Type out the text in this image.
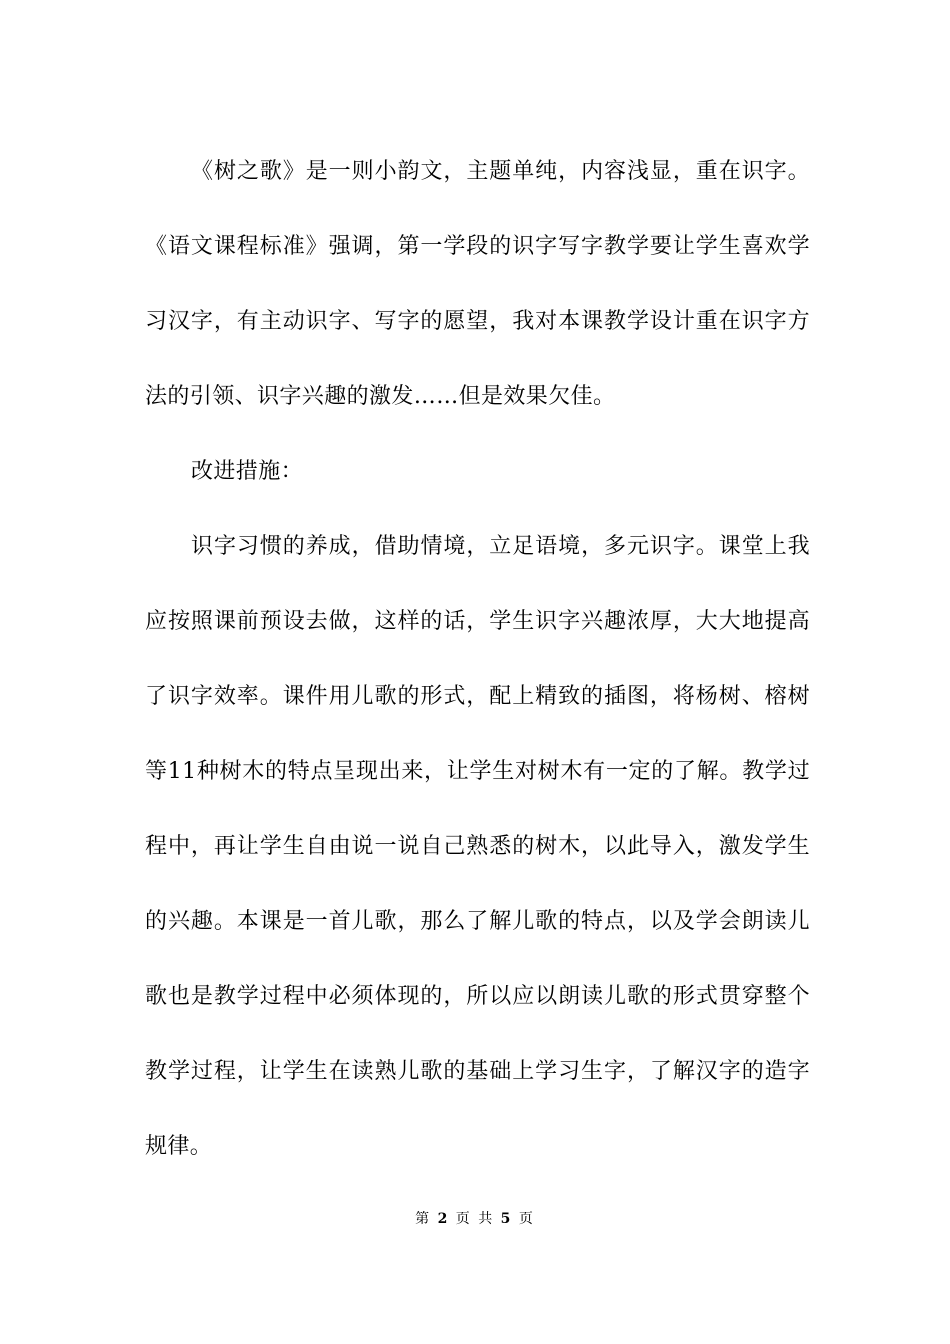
《树之歌》是一则小韵文，主题单纯，内容浅显，重在识字。《语文课程标准》强调，第一学段的识字写字教学要让学生喜欢学习汉字，有主动识字、写字的愿望，我对本课教学设计重在识字方法的引领、识字兴趣的激发……但是效果欠佳。

改进措施：

识字习惯的养成，借助情境，立足语境，多元识字。课堂上我应按照课前预设去做，这样的话，学生识字兴趣浓厚，大大地提高了识字效率。课件用儿歌的形式，配上精致的插图，将杨树、榕树等11种树木的特点呈现出来，让学生对树木有一定的了解。教学过程中，再让学生自由说一说自己熟悉的树木，以此导入，激发学生的兴趣。本课是一首儿歌，那么了解儿歌的特点，以及学会朗读儿歌也是教学过程中必须体现的，所以应以朗读儿歌的形式贯穿整个教学过程，让学生在读熟儿歌的基础上学习生字，了解汉字的造字规律。

第 2 页 共 5 页
